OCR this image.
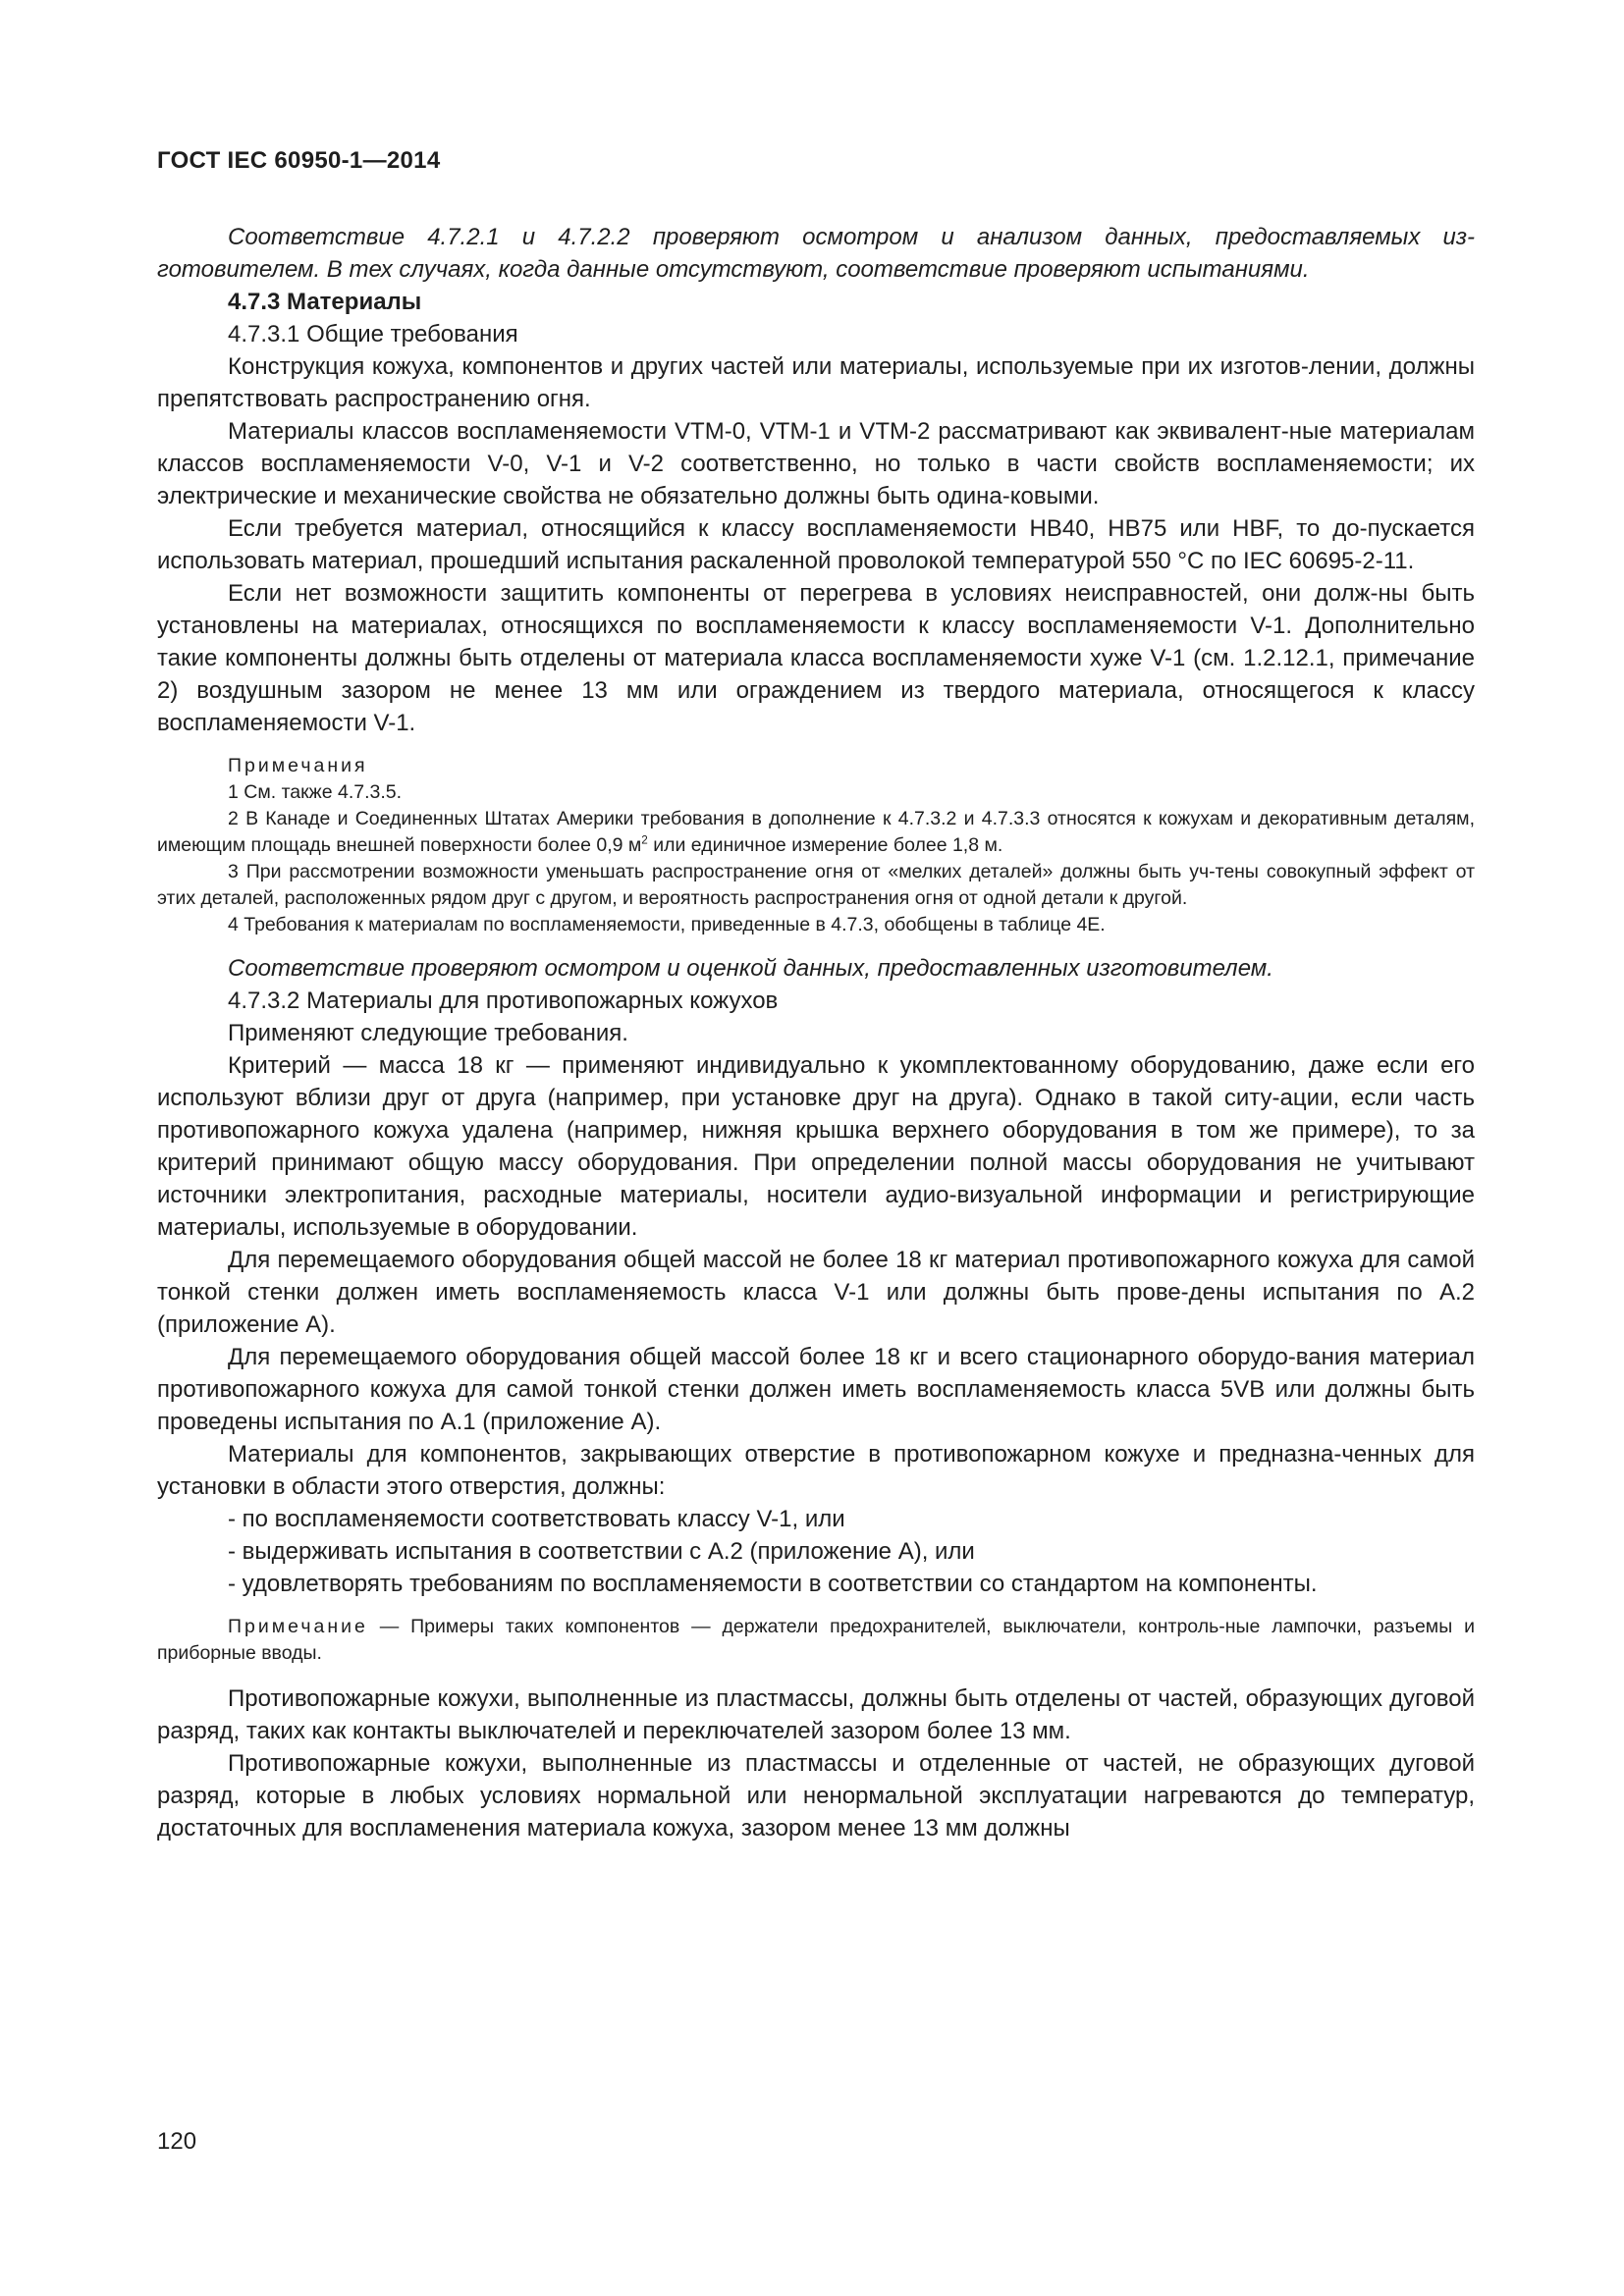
ГОСТ IEC 60950-1—2014

Соответствие 4.7.2.1 и 4.7.2.2 проверяют осмотром и анализом данных, предоставляемых из-готовителем. В тех случаях, когда данные отсутствуют, соответствие проверяют испытаниями.

4.7.3 Материалы

4.7.3.1 Общие требования

Конструкция кожуха, компонентов и других частей или материалы, используемые при их изготов-лении, должны препятствовать распространению огня.

Материалы классов воспламеняемости VTM-0, VTM-1 и VTM-2 рассматривают как эквивалент-ные материалам классов воспламеняемости V-0, V-1 и V-2 соответственно, но только в части свойств воспламеняемости; их электрические и механические свойства не обязательно должны быть одина-ковыми.

Если требуется материал, относящийся к классу воспламеняемости HB40, HB75 или HBF, то до-пускается использовать материал, прошедший испытания раскаленной проволокой температурой 550 °С по IEC 60695-2-11.

Если нет возможности защитить компоненты от перегрева в условиях неисправностей, они долж-ны быть установлены на материалах, относящихся по воспламеняемости к классу воспламеняемости V-1. Дополнительно такие компоненты должны быть отделены от материала класса воспламеняемости хуже V-1 (см. 1.2.12.1, примечание 2) воздушным зазором не менее 13 мм или ограждением из твердого материала, относящегося к классу воспламеняемости V-1.

Примечания

1 См. также 4.7.3.5.

2 В Канаде и Соединенных Штатах Америки требования в дополнение к 4.7.3.2 и 4.7.3.3 относятся к кожухам и декоративным деталям, имеющим площадь внешней поверхности более 0,9 $м^2$ или единичное измерение более 1,8 м.

3 При рассмотрении возможности уменьшать распространение огня от «мелких деталей» должны быть уч-тены совокупный эффект от этих деталей, расположенных рядом друг с другом, и вероятность распространения огня от одной детали к другой.

4 Требования к материалам по воспламеняемости, приведенные в 4.7.3, обобщены в таблице 4Е.

Соответствие проверяют осмотром и оценкой данных, предоставленных изготовителем.

4.7.3.2 Материалы для противопожарных кожухов

Применяют следующие требования.

Критерий — масса 18 кг — применяют индивидуально к укомплектованному оборудованию, даже если его используют вблизи друг от друга (например, при установке друг на друга). Однако в такой ситу-ации, если часть противопожарного кожуха удалена (например, нижняя крышка верхнего оборудования в том же примере), то за критерий принимают общую массу оборудования. При определении полной массы оборудования не учитывают источники электропитания, расходные материалы, носители аудио-визуальной информации и регистрирующие материалы, используемые в оборудовании.

Для перемещаемого оборудования общей массой не более 18 кг материал противопожарного кожуха для самой тонкой стенки должен иметь воспламеняемость класса V-1 или должны быть прове-дены испытания по А.2 (приложение А).

Для перемещаемого оборудования общей массой более 18 кг и всего стационарного оборудо-вания материал противопожарного кожуха для самой тонкой стенки должен иметь воспламеняемость класса 5VB или должны быть проведены испытания по А.1 (приложение А).

Материалы для компонентов, закрывающих отверстие в противопожарном кожухе и предназна-ченных для установки в области этого отверстия, должны:

- по воспламеняемости соответствовать классу V-1, или
- выдерживать испытания в соответствии с А.2 (приложение А), или
- удовлетворять требованиям по воспламеняемости в соответствии со стандартом на компоненты.

Примечание — Примеры таких компонентов — держатели предохранителей, выключатели, контроль-ные лампочки, разъемы и приборные вводы.

Противопожарные кожухи, выполненные из пластмассы, должны быть отделены от частей, образующих дуговой разряд, таких как контакты выключателей и переключателей зазором более 13 мм.

Противопожарные кожухи, выполненные из пластмассы и отделенные от частей, не образующих дуговой разряд, которые в любых условиях нормальной или ненормальной эксплуатации нагреваются до температур, достаточных для воспламенения материала кожуха, зазором менее 13 мм должны

120
